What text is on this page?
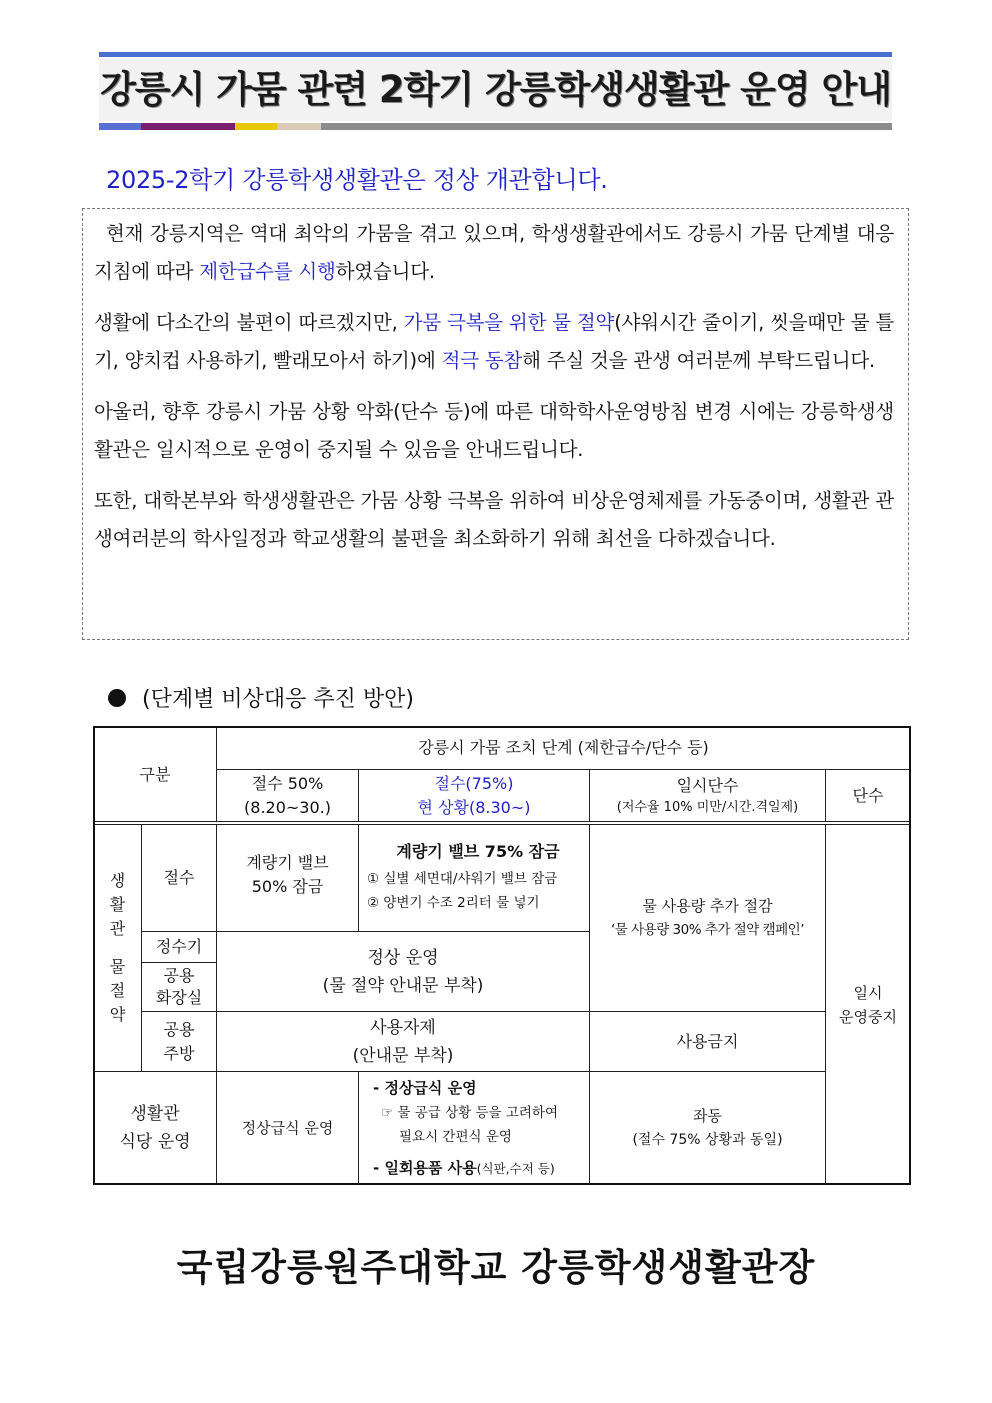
강릉시 가뭄 관련 2학기 강릉학생생활관 운영 안내
2025-2학기 강릉학생생활관은 정상 개관합니다.

현재 강릉지역은 역대 최악의 가뭄을 겪고 있으며, 학생생활관에서도 강릉시 가뭄 단계별 대응 지침에 따라 제한급수를 시행하였습니다.

생활에 다소간의 불편이 따르겠지만, 가뭄 극복을 위한 물 절약(샤워시간 줄이기, 씻을때만 물 틀기, 양치컵 사용하기, 빨래모아서 하기)에 적극 동참해 주실 것을 관생 여러분께 부탁드립니다.

아울러, 향후 강릉시 가뭄 상황 악화(단수 등)에 따른 대학학사운영방침 변경 시에는 강릉학생생활관은 일시적으로 운영이 중지될 수 있음을 안내드립니다.

또한, 대학본부와 학생생활관은 가뭄 상황 극복을 위하여 비상운영체제를 가동중이며, 생활관 관생여러분의 학사일정과 학교생활의 불편을 최소화하기 위해 최선을 다하겠습니다.

(단계별 비상대응 추진 방안)
구분
강릉시 가뭄 조치 단계 (제한급수/단수 등)
절수 50%
(8.20~30.)
절수(75%)
현 상황(8.30~)
일시단수
(저수율 10% 미만/시간.격일제)
단수
생
활
관
물
절
약
절수
정수기
공용
화장실
공용
주방
계량기 밸브
50% 잠금
계량기 밸브 75% 잠금
① 실별 세면대/샤워기 밸브 잠금
② 양변기 수조 2리터 물 넣기	물 사용량 추가 절감
‘물 사용량 30% 추가 절약 캠페인’
일시
운영중지
정상 운영
(물 절약 안내문 부착)
사용자제
(안내문 부착)
사용금지
생활관
식당 운영
정상급식 운영
- 정상급식 운영
☞ 물 공급 상황 등을 고려하여
필요시 간편식 운영
- 일회용품 사용(식판,수저 등)
좌동
(절수 75% 상황과 동일)
국립강릉원주대학교 강릉학생생활관장
